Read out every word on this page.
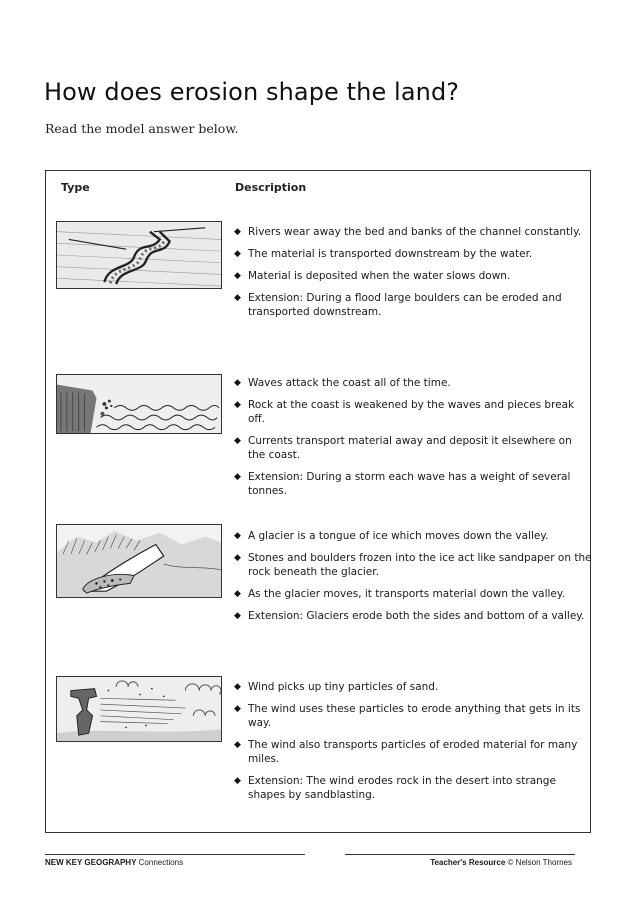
How does erosion shape the land?
Read the model answer below.
Type	Description
◆ Rivers wear away the bed and banks of the channel constantly.
◆ The material is transported downstream by the water.
◆ Material is deposited when the water slows down.
◆ Extension: During a flood large boulders can be eroded and transported downstream.
◆ Waves attack the coast all of the time.
◆ Rock at the coast is weakened by the waves and pieces break off.
◆ Currents transport material away and deposit it elsewhere on the coast.
◆ Extension: During a storm each wave has a weight of several tonnes.
◆ A glacier is a tongue of ice which moves down the valley.
◆ Stones and boulders frozen into the ice act like sandpaper on the rock beneath the glacier.
◆ As the glacier moves, it transports material down the valley.
◆ Extension: Glaciers erode both the sides and bottom of a valley.
◆ Wind picks up tiny particles of sand.
◆ The wind uses these particles to erode anything that gets in its way.
◆ The wind also transports particles of eroded material for many miles.
◆ Extension: The wind erodes rock in the desert into strange shapes by sandblasting.
NEW KEY GEOGRAPHY Connections	Teacher's Resource © Nelson Thornes
